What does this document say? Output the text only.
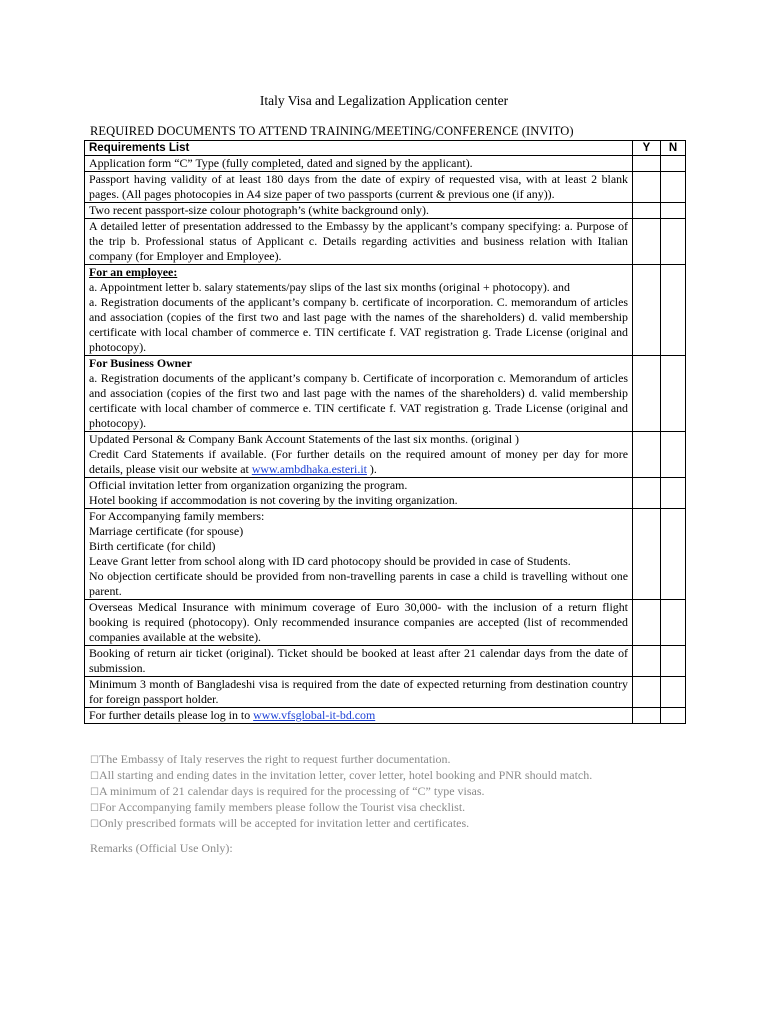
Italy Visa and Legalization Application center
REQUIRED DOCUMENTS TO ATTEND TRAINING/MEETING/CONFERENCE (INVITO)
Requirements List	Y	N

Application form “C” Type (fully completed, dated and signed by the applicant).		

Passport having validity of at least 180 days from the date of expiry of requested visa, with at least 2 blank pages. (All pages photocopies in A4 size paper of two passports (current & previous one (if any)).		

Two recent passport-size colour photograph’s (white background only).		

A detailed letter of presentation addressed to the Embassy by the applicant’s company specifying: a. Purpose of the trip b. Professional status of Applicant c. Details regarding activities and business relation with Italian company (for Employer and Employee).		

For an employee:
a. Appointment letter b. salary statements/pay slips of the last six months (original + photocopy). and
a. Registration documents of the applicant’s company b. certificate of incorporation. C. memorandum of articles and association (copies of the first two and last page with the names of the shareholders) d. valid membership certificate with local chamber of commerce e. TIN certificate f. VAT registration g. Trade License (original and photocopy).		

For Business Owner
a. Registration documents of the applicant’s company b. Certificate of incorporation c. Memorandum of articles and association (copies of the first two and last page with the names of the shareholders) d. valid membership certificate with local chamber of commerce e. TIN certificate f. VAT registration g. Trade License (original and photocopy).		

Updated Personal & Company Bank Account Statements of the last six months. (original )
Credit Card Statements if available. (For further details on the required amount of money per day for more details, please visit our website at www.ambdhaka.esteri.it ).		

Official invitation letter from organization organizing the program.
Hotel booking if accommodation is not covering by the inviting organization.		

For Accompanying family members:
Marriage certificate (for spouse)
Birth certificate (for child)
Leave Grant letter from school along with ID card photocopy should be provided in case of Students.
No objection certificate should be provided from non-travelling parents in case a child is travelling without one parent.		

Overseas Medical Insurance with minimum coverage of Euro 30,000- with the inclusion of a return flight booking is required (photocopy). Only recommended insurance companies are accepted (list of recommended companies available at the website).		

Booking of return air ticket (original). Ticket should be booked at least after 21 calendar days from the date of submission.		

Minimum 3 month of Bangladeshi visa is required from the date of expected returning from destination country for foreign passport holder.		

For further details please log in to www.vfsglobal-it-bd.com		
☐The Embassy of Italy reserves the right to request further documentation.
☐All starting and ending dates in the invitation letter, cover letter, hotel booking and PNR should match.
☐A minimum of 21 calendar days is required for the processing of “C” type visas.
☐For Accompanying family members please follow the Tourist visa checklist.
☐Only prescribed formats will be accepted for invitation letter and certificates.
Remarks (Official Use Only):
